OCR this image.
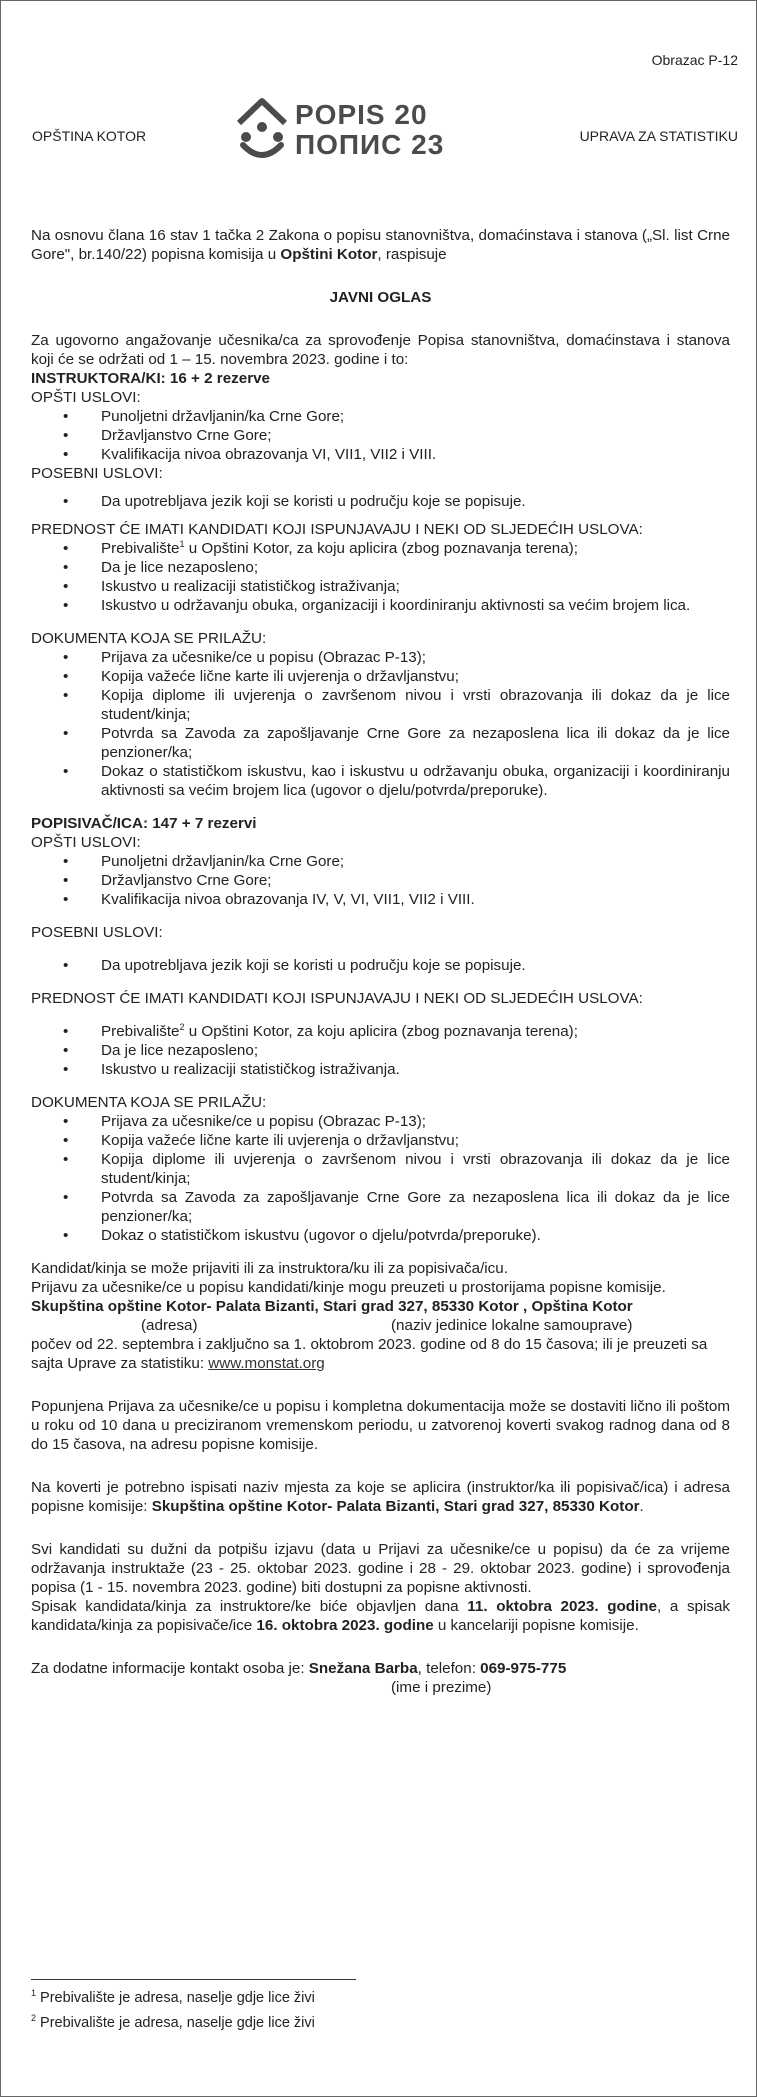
Obrazac P-12
OPŠTINA KOTOR	UPRAVA ZA STATISTIKU
POPIS 20
ПОПИС 23

Na osnovu člana 16 stav 1 tačka 2 Zakona o popisu stanovništva, domaćinstava i stanova („Sl. list Crne Gore", br.140/22) popisna komisija u Opštini Kotor, raspisuje

JAVNI OGLAS

Za ugovorno angažovanje učesnika/ca za sprovođenje Popisa stanovništva, domaćinstava i stanova koji će se održati od 1 – 15. novembra 2023. godine i to:

INSTRUKTORA/KI: 16 + 2 rezerve

OPŠTI USLOVI:

• Punoljetni državljanin/ka Crne Gore;
• Državljanstvo Crne Gore;
• Kvalifikacija nivoa obrazovanja VI, VII1, VII2 i VIII.

POSEBNI USLOVI:

• Da upotrebljava jezik koji se koristi u području koje se popisuje.

PREDNOST ĆE IMATI KANDIDATI KOJI ISPUNJAVAJU I NEKI OD SLJEDEĆIH USLOVA:

• Prebivalište$^1$ u Opštini Kotor, za koju aplicira (zbog poznavanja terena);
• Da je lice nezaposleno;
• Iskustvo u realizaciji statističkog istraživanja;
• Iskustvo u održavanju obuka, organizaciji i koordiniranju aktivnosti sa većim brojem lica.

DOKUMENTA KOJA SE PRILAŽU:

• Prijava za učesnike/ce u popisu (Obrazac P-13);
• Kopija važeće lične karte ili uvjerenja o državljanstvu;
• Kopija diplome ili uvjerenja o završenom nivou i vrsti obrazovanja ili dokaz da je lice student/kinja;
• Potvrda sa Zavoda za zapošljavanje Crne Gore za nezaposlena lica ili dokaz da je lice penzioner/ka;
• Dokaz o statističkom iskustvu, kao i iskustvu u održavanju obuka, organizaciji i koordiniranju aktivnosti sa većim brojem lica (ugovor o djelu/potvrda/preporuke).

POPISIVAČ/ICA: 147 + 7 rezervi

OPŠTI USLOVI:

• Punoljetni državljanin/ka Crne Gore;
• Državljanstvo Crne Gore;
• Kvalifikacija nivoa obrazovanja IV, V, VI, VII1, VII2 i VIII.

POSEBNI USLOVI:

• Da upotrebljava jezik koji se koristi u području koje se popisuje.

PREDNOST ĆE IMATI KANDIDATI KOJI ISPUNJAVAJU I NEKI OD SLJEDEĆIH USLOVA:

• Prebivalište$^2$ u Opštini Kotor, za koju aplicira (zbog poznavanja terena);
• Da je lice nezaposleno;
• Iskustvo u realizaciji statističkog istraživanja.

DOKUMENTA KOJA SE PRILAŽU:

• Prijava za učesnike/ce u popisu (Obrazac P-13);
• Kopija važeće lične karte ili uvjerenja o državljanstvu;
• Kopija diplome ili uvjerenja o završenom nivou i vrsti obrazovanja ili dokaz da je lice student/kinja;
• Potvrda sa Zavoda za zapošljavanje Crne Gore za nezaposlena lica ili dokaz da je lice penzioner/ka;
• Dokaz o statističkom iskustvu (ugovor o djelu/potvrda/preporuke).

Kandidat/kinja se može prijaviti ili za instruktora/ku ili za popisivača/icu.

Prijavu za učesnike/ce u popisu kandidati/kinje mogu preuzeti u prostorijama popisne komisije.

Skupština opštine Kotor- Palata Bizanti, Stari grad 327, 85330 Kotor , Opština Kotor

(adresa)	(naziv jedinice lokalne samouprave)

počev od 22. septembra i zaključno sa 1. oktobrom 2023. godine od 8 do 15 časova; ili je preuzeti sa sajta Uprave za statistiku: www.monstat.org

Popunjena Prijava za učesnike/ce u popisu i kompletna dokumentacija može se dostaviti lično ili poštom u roku od 10 dana u preciziranom vremenskom periodu, u zatvorenoj koverti svakog radnog dana od 8 do 15 časova, na adresu popisne komisije.

Na koverti je potrebno ispisati naziv mjesta za koje se aplicira (instruktor/ka ili popisivač/ica) i adresa popisne komisije: Skupština opštine Kotor- Palata Bizanti, Stari grad 327, 85330 Kotor.

Svi kandidati su dužni da potpišu izjavu (data u Prijavi za učesnike/ce u popisu) da će za vrijeme održavanja instruktaže (23 - 25. oktobar 2023. godine i 28 - 29. oktobar 2023. godine) i sprovođenja popisa (1 - 15. novembra 2023. godine) biti dostupni za popisne aktivnosti.

Spisak kandidata/kinja za instruktore/ke biće objavljen dana 11. oktobra 2023. godine, a spisak kandidata/kinja za popisivače/ice 16. oktobra 2023. godine u kancelariji popisne komisije.

Za dodatne informacije kontakt osoba je: Snežana Barba, telefon: 069-975-775

(ime i prezime)

$^1$ Prebivalište je adresa, naselje gdje lice živi

$^2$ Prebivalište je adresa, naselje gdje lice živi
